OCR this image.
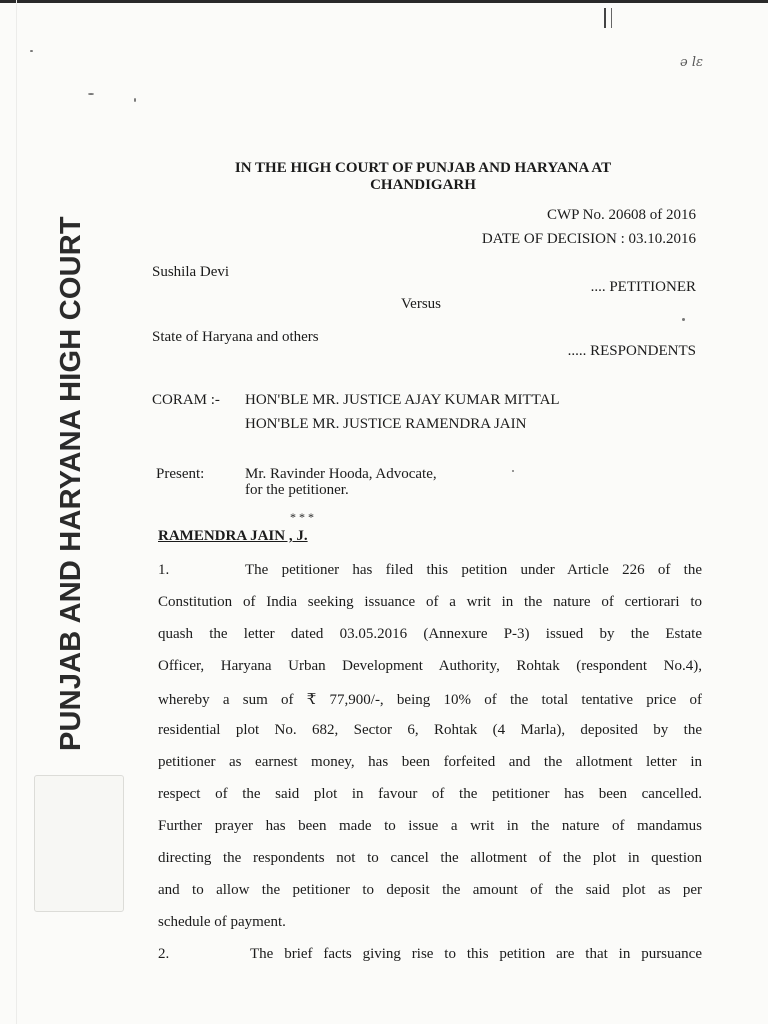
ə lɛ
PUNJAB AND HARYANA HIGH COURT
IN THE HIGH COURT OF PUNJAB AND HARYANA AT
CHANDIGARH
CWP No. 20608 of 2016
DATE OF DECISION : 03.10.2016
Sushila Devi
.... PETITIONER
Versus
State of Haryana and others
..... RESPONDENTS
CORAM :- HON'BLE MR. JUSTICE AJAY KUMAR MITTAL
HON'BLE MR. JUSTICE RAMENDRA JAIN
Present:	Mr. Ravinder Hooda, Advocate,
for the petitioner.
* * *
RAMENDRA JAIN , J.
1.	The petitioner has filed this petition under Article 226 of the
Constitution of India seeking issuance of a writ in the nature of certiorari to
quash the letter dated 03.05.2016 (Annexure P-3) issued by the Estate
Officer, Haryana Urban Development Authority, Rohtak (respondent No.4),
whereby a sum of ₹ 77,900/-, being 10% of the total tentative price of
residential plot No. 682, Sector 6, Rohtak (4 Marla), deposited by the
petitioner as earnest money, has been forfeited and the allotment letter in
respect of the said plot in favour of the petitioner has been cancelled.
Further prayer has been made to issue a writ in the nature of mandamus
directing the respondents not to cancel the allotment of the plot in question
and to allow the petitioner to deposit the amount of the said plot as per
schedule of payment.
2.	The brief facts giving rise to this petition are that in pursuance
